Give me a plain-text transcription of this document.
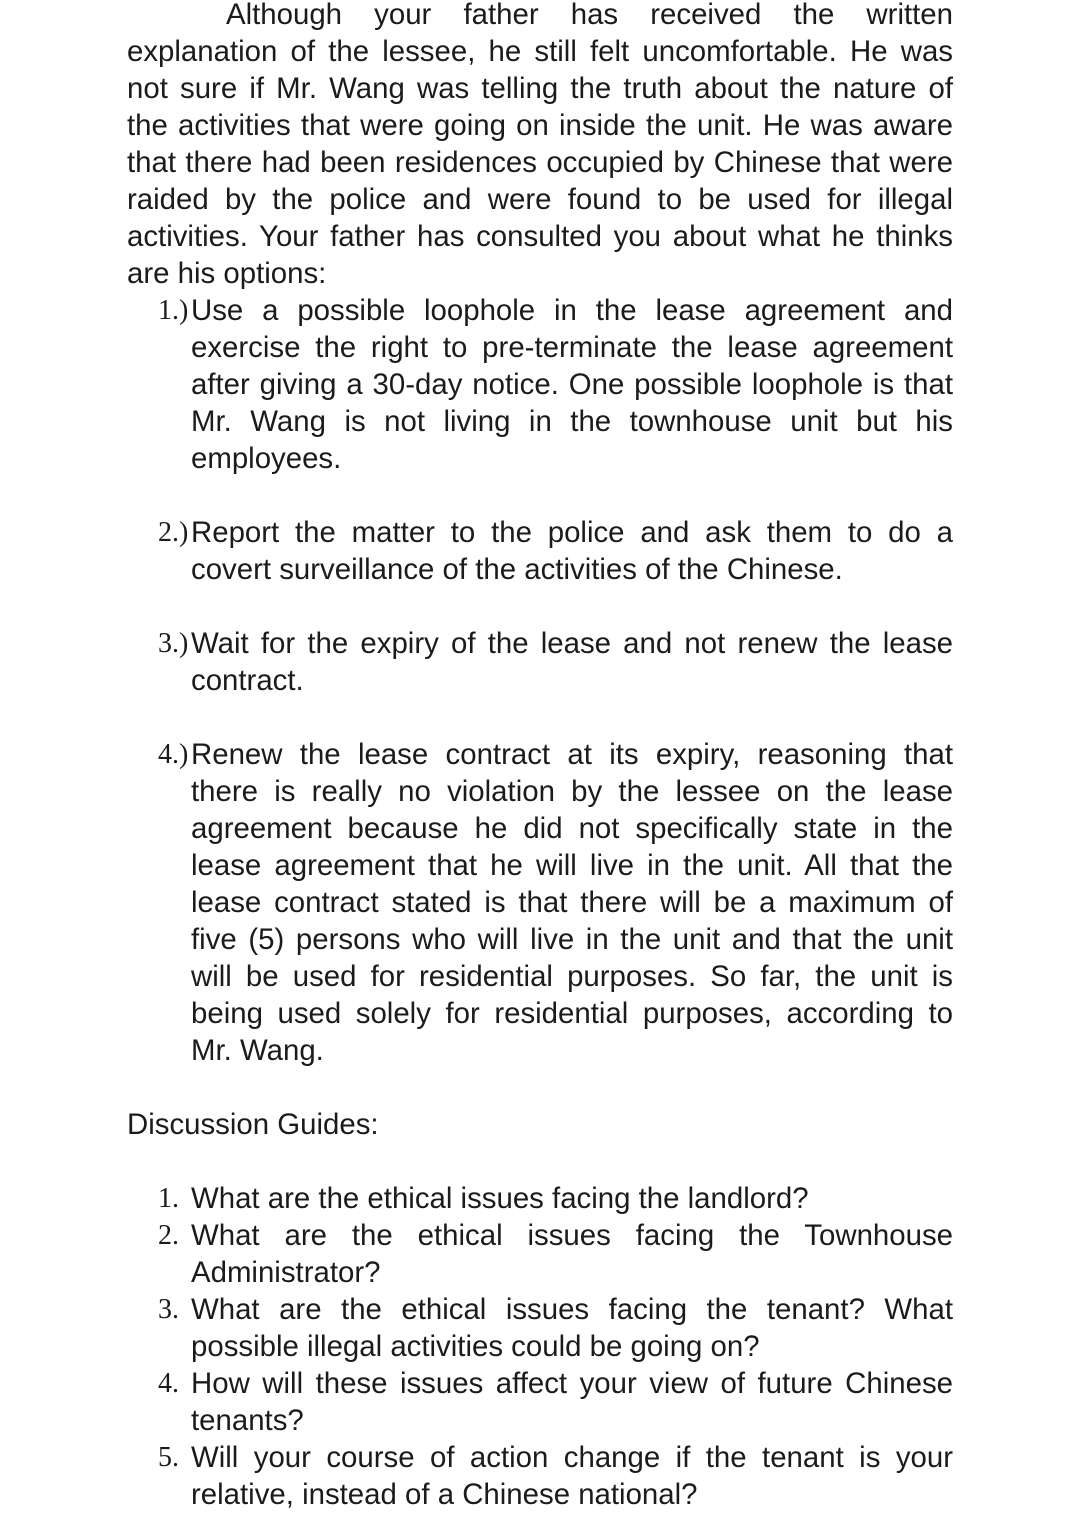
Although your father has received the written explanation of the lessee, he still felt uncomfortable. He was not sure if Mr. Wang was telling the truth about the nature of the activities that were going on inside the unit. He was aware that there had been residences occupied by Chinese that were raided by the police and were found to be used for illegal activities. Your father has consulted you about what he thinks are his options:

1.) Use a possible loophole in the lease agreement and exercise the right to pre-terminate the lease agreement after giving a 30-day notice. One possible loophole is that Mr. Wang is not living in the townhouse unit but his employees.
2.) Report the matter to the police and ask them to do a covert surveillance of the activities of the Chinese.
3.) Wait for the expiry of the lease and not renew the lease contract.
4.) Renew the lease contract at its expiry, reasoning that there is really no violation by the lessee on the lease agreement because he did not specifically state in the lease agreement that he will live in the unit. All that the lease contract stated is that there will be a maximum of five (5) persons who will live in the unit and that the unit will be used for residential purposes. So far, the unit is being used solely for residential purposes, according to Mr. Wang.

Discussion Guides:

1. What are the ethical issues facing the landlord?
2. What are the ethical issues facing the Townhouse Administrator?
3. What are the ethical issues facing the tenant? What possible illegal activities could be going on?
4. How will these issues affect your view of future Chinese tenants?
5. Will your course of action change if the tenant is your relative, instead of a Chinese national?
